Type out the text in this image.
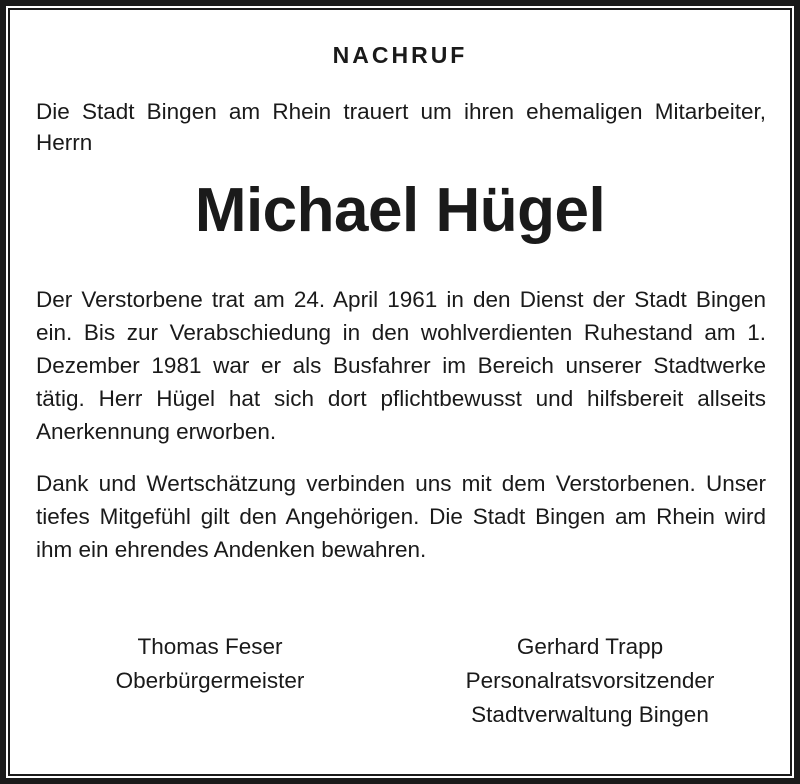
NACHRUF
Die Stadt Bingen am Rhein trauert um ihren ehemaligen Mitarbeiter, Herrn
Michael Hügel
Der Verstorbene trat am 24. April 1961 in den Dienst der Stadt Bingen ein. Bis zur Verabschiedung in den wohlverdienten Ruhestand am 1. Dezember 1981 war er als Busfahrer im Bereich unserer Stadtwerke tätig. Herr Hügel hat sich dort pflichtbewusst und hilfsbereit allseits Anerkennung erworben.
Dank und Wertschätzung verbinden uns mit dem Verstorbenen. Unser tiefes Mitgefühl gilt den Angehörigen. Die Stadt Bingen am Rhein wird ihm ein ehrendes Andenken bewahren.
Thomas Feser
Oberbürgermeister
Gerhard Trapp
Personalratsvorsitzender
Stadtverwaltung Bingen
